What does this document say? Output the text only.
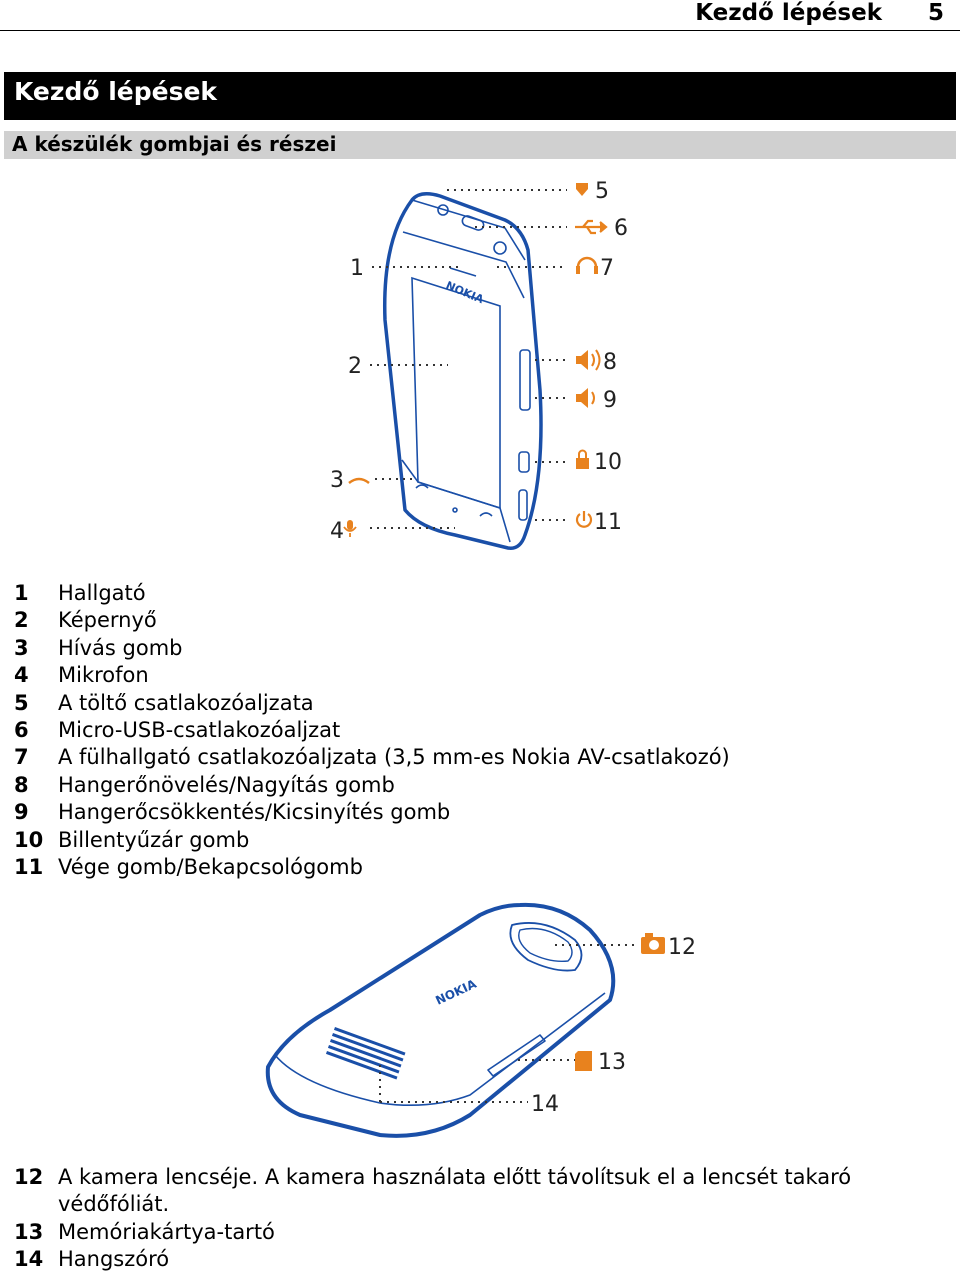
Kezdő lépések 5
Kezdő lépések
A készülék gombjai és részei
NOKIA
5
6
1	7
2	8
9
10
3
11
4
1 Hallgató
2 Képernyő
3 Hívás gomb
4 Mikrofon
5 A töltő csatlakozóaljzata
6 Micro-USB-csatlakozóaljzat
7 A fülhallgató csatlakozóaljzata (3,5 mm-es Nokia AV-csatlakozó)
8 Hangerőnövelés/Nagyítás gomb
9 Hangerőcsökkentés/Kicsinyítés gomb
10 Billentyűzár gomb
11 Vége gomb/Bekapcsológomb
NOKIA
12
13
14
12 A kamera lencséje. A kamera használata előtt távolítsuk el a lencsét takaró védőfóliát.
13 Memóriakártya-tartó
14 Hangszóró
